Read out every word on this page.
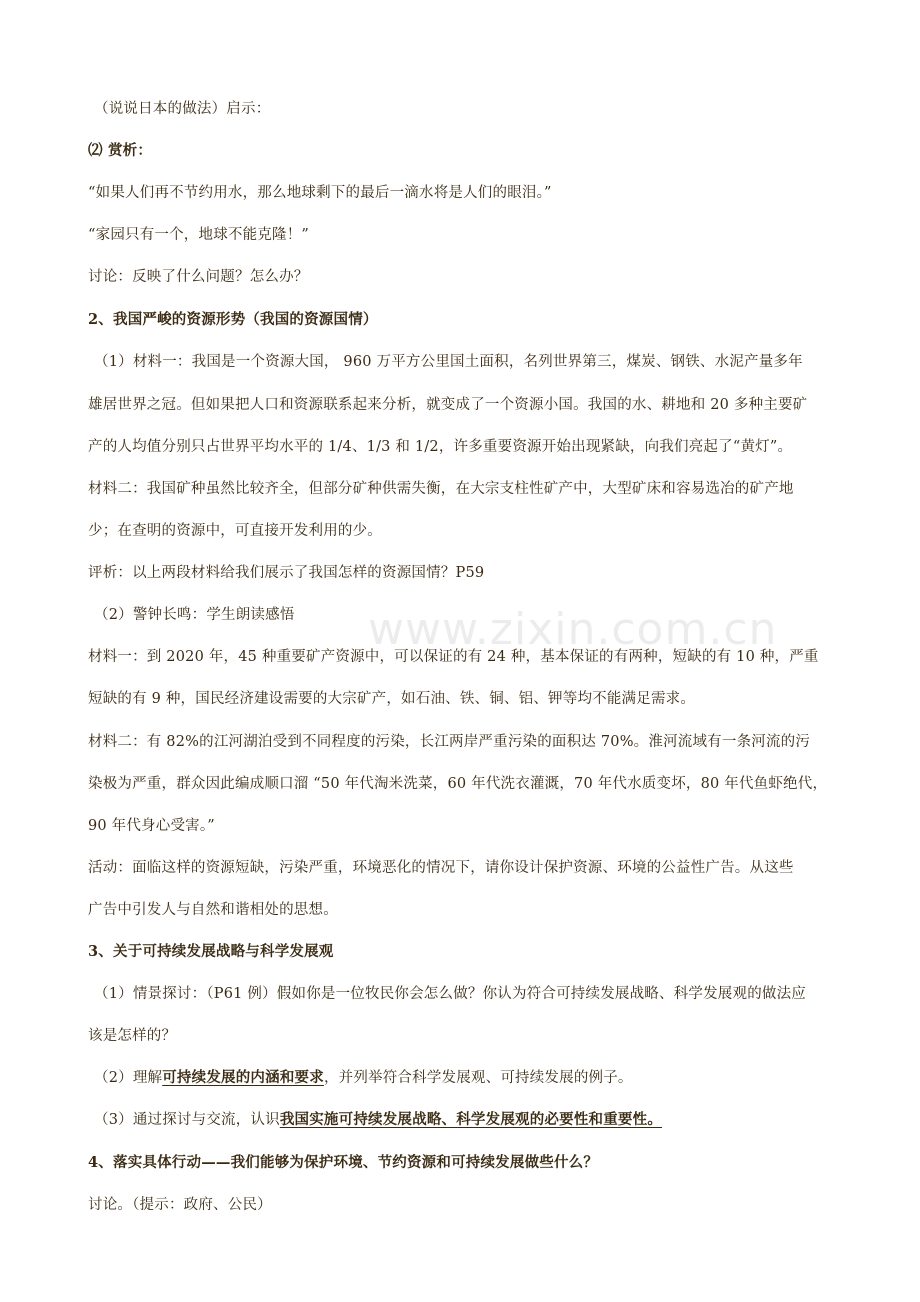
www.zixin.com.cn
（说说日本的做法）启示：
⑵ 赏析：
“如果人们再不节约用水，那么地球剩下的最后一滴水将是人们的眼泪。”
“家园只有一个，地球不能克隆！”
讨论：反映了什么问题？怎么办？
2、我国严峻的资源形势（我国的资源国情）
（1）材料一：我国是一个资源大国， 960 万平方公里国土面积，名列世界第三，煤炭、钢铁、水泥产量多年
雄居世界之冠。但如果把人口和资源联系起来分析，就变成了一个资源小国。我国的水、耕地和 20 多种主要矿
产的人均值分别只占世界平均水平的 1/4、1/3 和 1/2，许多重要资源开始出现紧缺，向我们亮起了“黄灯”。
材料二：我国矿种虽然比较齐全，但部分矿种供需失衡，在大宗支柱性矿产中，大型矿床和容易选冶的矿产地
少；在查明的资源中，可直接开发利用的少。
评析：以上两段材料给我们展示了我国怎样的资源国情？P59
（2）警钟长鸣：学生朗读感悟
材料一：到 2020 年，45 种重要矿产资源中，可以保证的有 24 种，基本保证的有两种，短缺的有 10 种，严重
短缺的有 9 种，国民经济建设需要的大宗矿产，如石油、铁、铜、铝、钾等均不能满足需求。
材料二：有 82%的江河湖泊受到不同程度的污染，长江两岸严重污染的面积达 70%。淮河流域有一条河流的污
染极为严重，群众因此编成顺口溜 “50 年代淘米洗菜，60 年代洗衣灌溉，70 年代水质变坏，80 年代鱼虾绝代，
90 年代身心受害。”
活动：面临这样的资源短缺，污染严重，环境恶化的情况下，请你设计保护资源、环境的公益性广告。从这些
广告中引发人与自然和谐相处的思想。
3、关于可持续发展战略与科学发展观
（1）情景探讨：（P61 例）假如你是一位牧民你会怎么做？你认为符合可持续发展战略、科学发展观的做法应
该是怎样的？
（2）理解可持续发展的内涵和要求，并列举符合科学发展观、可持续发展的例子。
（3）通过探讨与交流，认识我国实施可持续发展战略、科学发展观的必要性和重要性。
4、落实具体行动——我们能够为保护环境、节约资源和可持续发展做些什么？
讨论。（提示：政府、公民）
